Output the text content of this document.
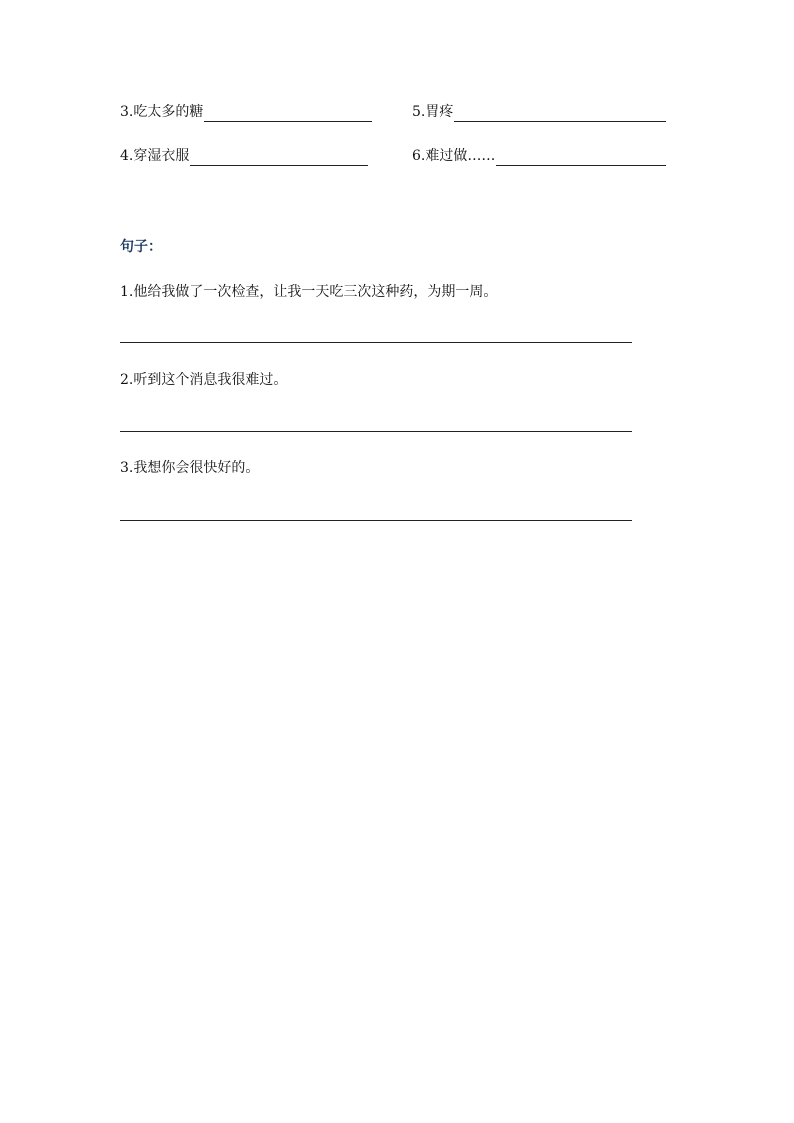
3.吃太多的糖	5.胃疼
4.穿湿衣服	6.难过做……
句子：
1.他给我做了一次检查，让我一天吃三次这种药，为期一周。
2.听到这个消息我很难过。
3.我想你会很快好的。
